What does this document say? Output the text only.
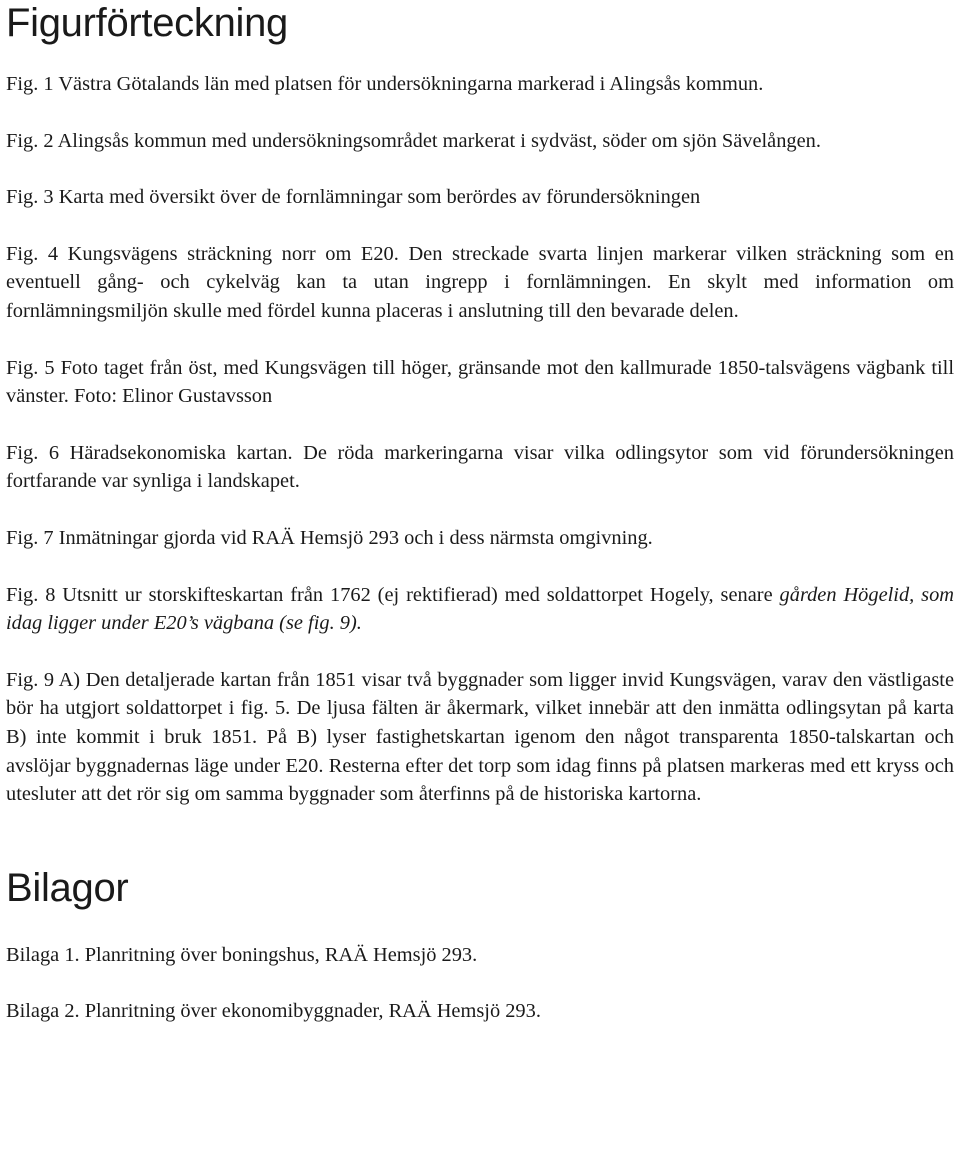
Figurförteckning

Fig. 1 Västra Götalands län med platsen för undersökningarna markerad i Alingsås kommun.

Fig. 2 Alingsås kommun med undersökningsområdet markerat i sydväst, söder om sjön Sävelången.

Fig. 3 Karta med översikt över de fornlämningar som berördes av förundersökningen

Fig. 4 Kungsvägens sträckning norr om E20. Den streckade svarta linjen markerar vilken sträckning som en eventuell gång- och cykelväg kan ta utan ingrepp i fornlämningen. En skylt med information om fornlämningsmiljön skulle med fördel kunna placeras i anslutning till den bevarade delen.

Fig. 5 Foto taget från öst, med Kungsvägen till höger, gränsande mot den kallmurade 1850-talsvägens vägbank till vänster. Foto: Elinor Gustavsson

Fig. 6 Häradsekonomiska kartan. De röda markeringarna visar vilka odlingsytor som vid förundersökningen fortfarande var synliga i landskapet.

Fig. 7 Inmätningar gjorda vid RAÄ Hemsjö 293 och i dess närmsta omgivning.

Fig. 8 Utsnitt ur storskifteskartan från 1762 (ej rektifierad) med soldattorpet Hogely, senare gården Högelid, som idag ligger under E20’s vägbana (se fig. 9).

Fig. 9 A) Den detaljerade kartan från 1851 visar två byggnader som ligger invid Kungsvägen, varav den västligaste bör ha utgjort soldattorpet i fig. 5. De ljusa fälten är åkermark, vilket innebär att den inmätta odlingsytan på karta B) inte kommit i bruk 1851. På B) lyser fastighetskartan igenom den något transparenta 1850-talskartan och avslöjar byggnadernas läge under E20. Resterna efter det torp som idag finns på platsen markeras med ett kryss och utesluter att det rör sig om samma byggnader som återfinns på de historiska kartorna.

Bilagor

Bilaga 1. Planritning över boningshus, RAÄ Hemsjö 293.

Bilaga 2. Planritning över ekonomibyggnader, RAÄ Hemsjö 293.
